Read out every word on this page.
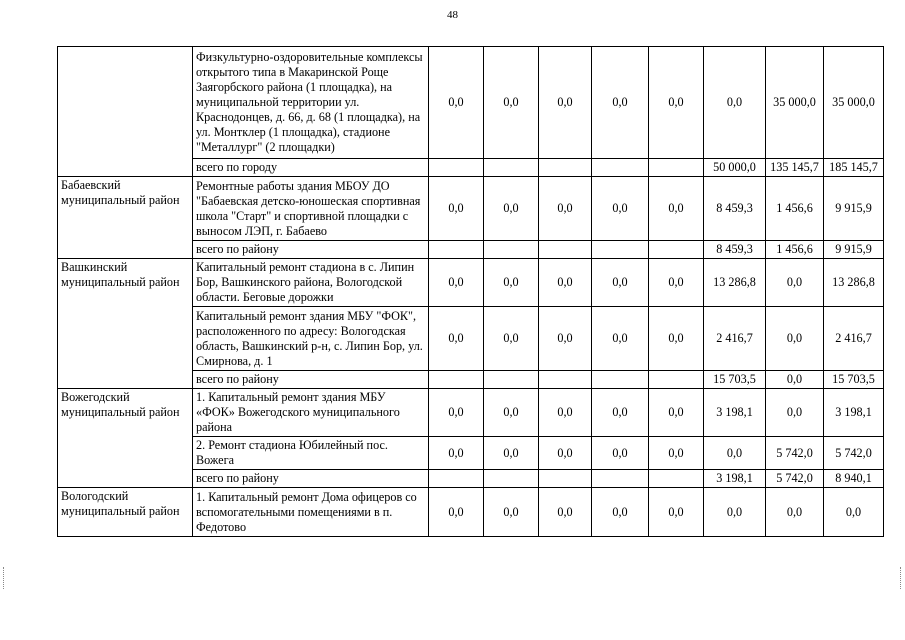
48
	Физкультурно-оздоровительные комплексы открытого типа в Макаринской Роще Заягорбского района (1 площадка), на муниципальной территории ул. Краснодонцев, д. 66, д. 68 (1 площадка), на ул. Монтклер (1 площадка), стадионе "Металлург" (2 площадки)	0,0	0,0	0,0	0,0	0,0	0,0	35 000,0	35 000,0
	всего по городу						50 000,0	135 145,7	185 145,7
Бабаевский муниципальный район	Ремонтные работы здания МБОУ ДО "Бабаевская детско-юношеская спортивная школа "Старт" и спортивной площадки с выносом ЛЭП, г. Бабаево	0,0	0,0	0,0	0,0	0,0	8 459,3	1 456,6	9 915,9
	всего по району						8 459,3	1 456,6	9 915,9
Вашкинский муниципальный район	Капитальный ремонт стадиона в с. Липин Бор, Вашкинского района, Вологодской области. Беговые дорожки	0,0	0,0	0,0	0,0	0,0	13 286,8	0,0	13 286,8
	Капитальный ремонт здания МБУ "ФОК", расположенного по адресу: Вологодская область, Вашкинский р-н, с. Липин Бор, ул. Смирнова, д. 1	0,0	0,0	0,0	0,0	0,0	2 416,7	0,0	2 416,7
	всего по району						15 703,5	0,0	15 703,5
Вожегодский муниципальный район	1. Капитальный ремонт здания МБУ «ФОК» Вожегодского муниципального района	0,0	0,0	0,0	0,0	0,0	3 198,1	0,0	3 198,1
	2. Ремонт стадиона Юбилейный пос. Вожега	0,0	0,0	0,0	0,0	0,0	0,0	5 742,0	5 742,0
	всего по району						3 198,1	5 742,0	8 940,1
Вологодский муниципальный район	1. Капитальный ремонт Дома офицеров со вспомогательными помещениями в п. Федотово	0,0	0,0	0,0	0,0	0,0	0,0	0,0	0,0
